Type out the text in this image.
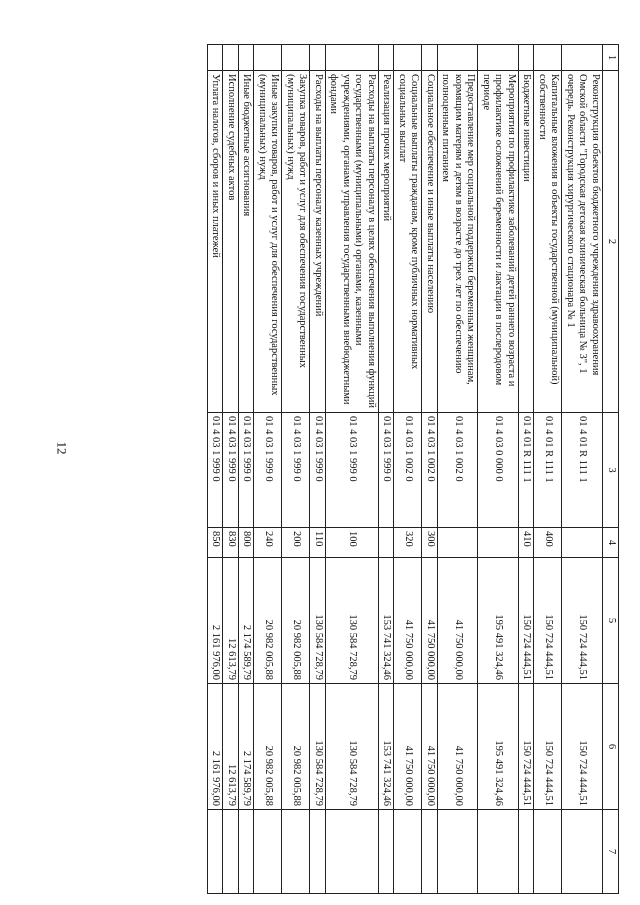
12
1	2	3	4	5	6	7
	Реконструкция объектов бюджетного учреждения здравоохранения Омской области "Городская детская клиническая больница № 3", 1 очередь. Реконструкция хирургического стационара № 1	01 4 01 R 111 1		150 724 444,51	150 724 444,51	
	Капитальные вложения в объекты государственной (муниципальной) собственности	01 4 01 R 111 1	400	150 724 444,51	150 724 444,51	
	Бюджетные инвестиции	01 4 01 R 111 1	410	150 724 444,51	150 724 444,51	
	Мероприятия по профилактике заболеваний детей раннего возраста и профилактике осложнений беременности и лактации в послеродовом периоде	01 4 03 0 000 0		195 491 324,46	195 491 324,46	
	Предоставление мер социальной поддержки беременным женщинам, кормящим матерям и детям в возрасте до трех лет по обеспечению полноценным питанием	01 4 03 1 002 0		41 750 000,00	41 750 000,00	
	Социальное обеспечение и иные выплаты населению	01 4 03 1 002 0	300	41 750 000,00	41 750 000,00	
	Социальные выплаты гражданам, кроме публичных нормативных социальных выплат	01 4 03 1 002 0	320	41 750 000,00	41 750 000,00	
	Реализация прочих мероприятий	01 4 03 1 999 0		153 741 324,46	153 741 324,46	
	Расходы на выплаты персоналу в целях обеспечения выполнения функций государственными (муниципальными) органами, казенными учреждениями, органами управления государственными внебюджетными фондами	01 4 03 1 999 0	100	130 584 728,79	130 584 728,79	
	Расходы на выплаты персоналу казенных учреждений	01 4 03 1 999 0	110	130 584 728,79	130 584 728,79	
	Закупка товаров, работ и услуг для обеспечения государственных (муниципальных) нужд	01 4 03 1 999 0	200	20 982 005,88	20 982 005,88	
	Иные закупки товаров, работ и услуг для обеспечения государственных (муниципальных) нужд	01 4 03 1 999 0	240	20 982 005,88	20 982 005,88	
	Иные бюджетные ассигнования	01 4 03 1 999 0	800	2 174 589,79	2 174 589,79	
	Исполнение судебных актов	01 4 03 1 999 0	830	12 613,79	12 613,79	
	Уплата налогов, сборов и иных платежей	01 4 03 1 999 0	850	2 161 976,00	2 161 976,00	
